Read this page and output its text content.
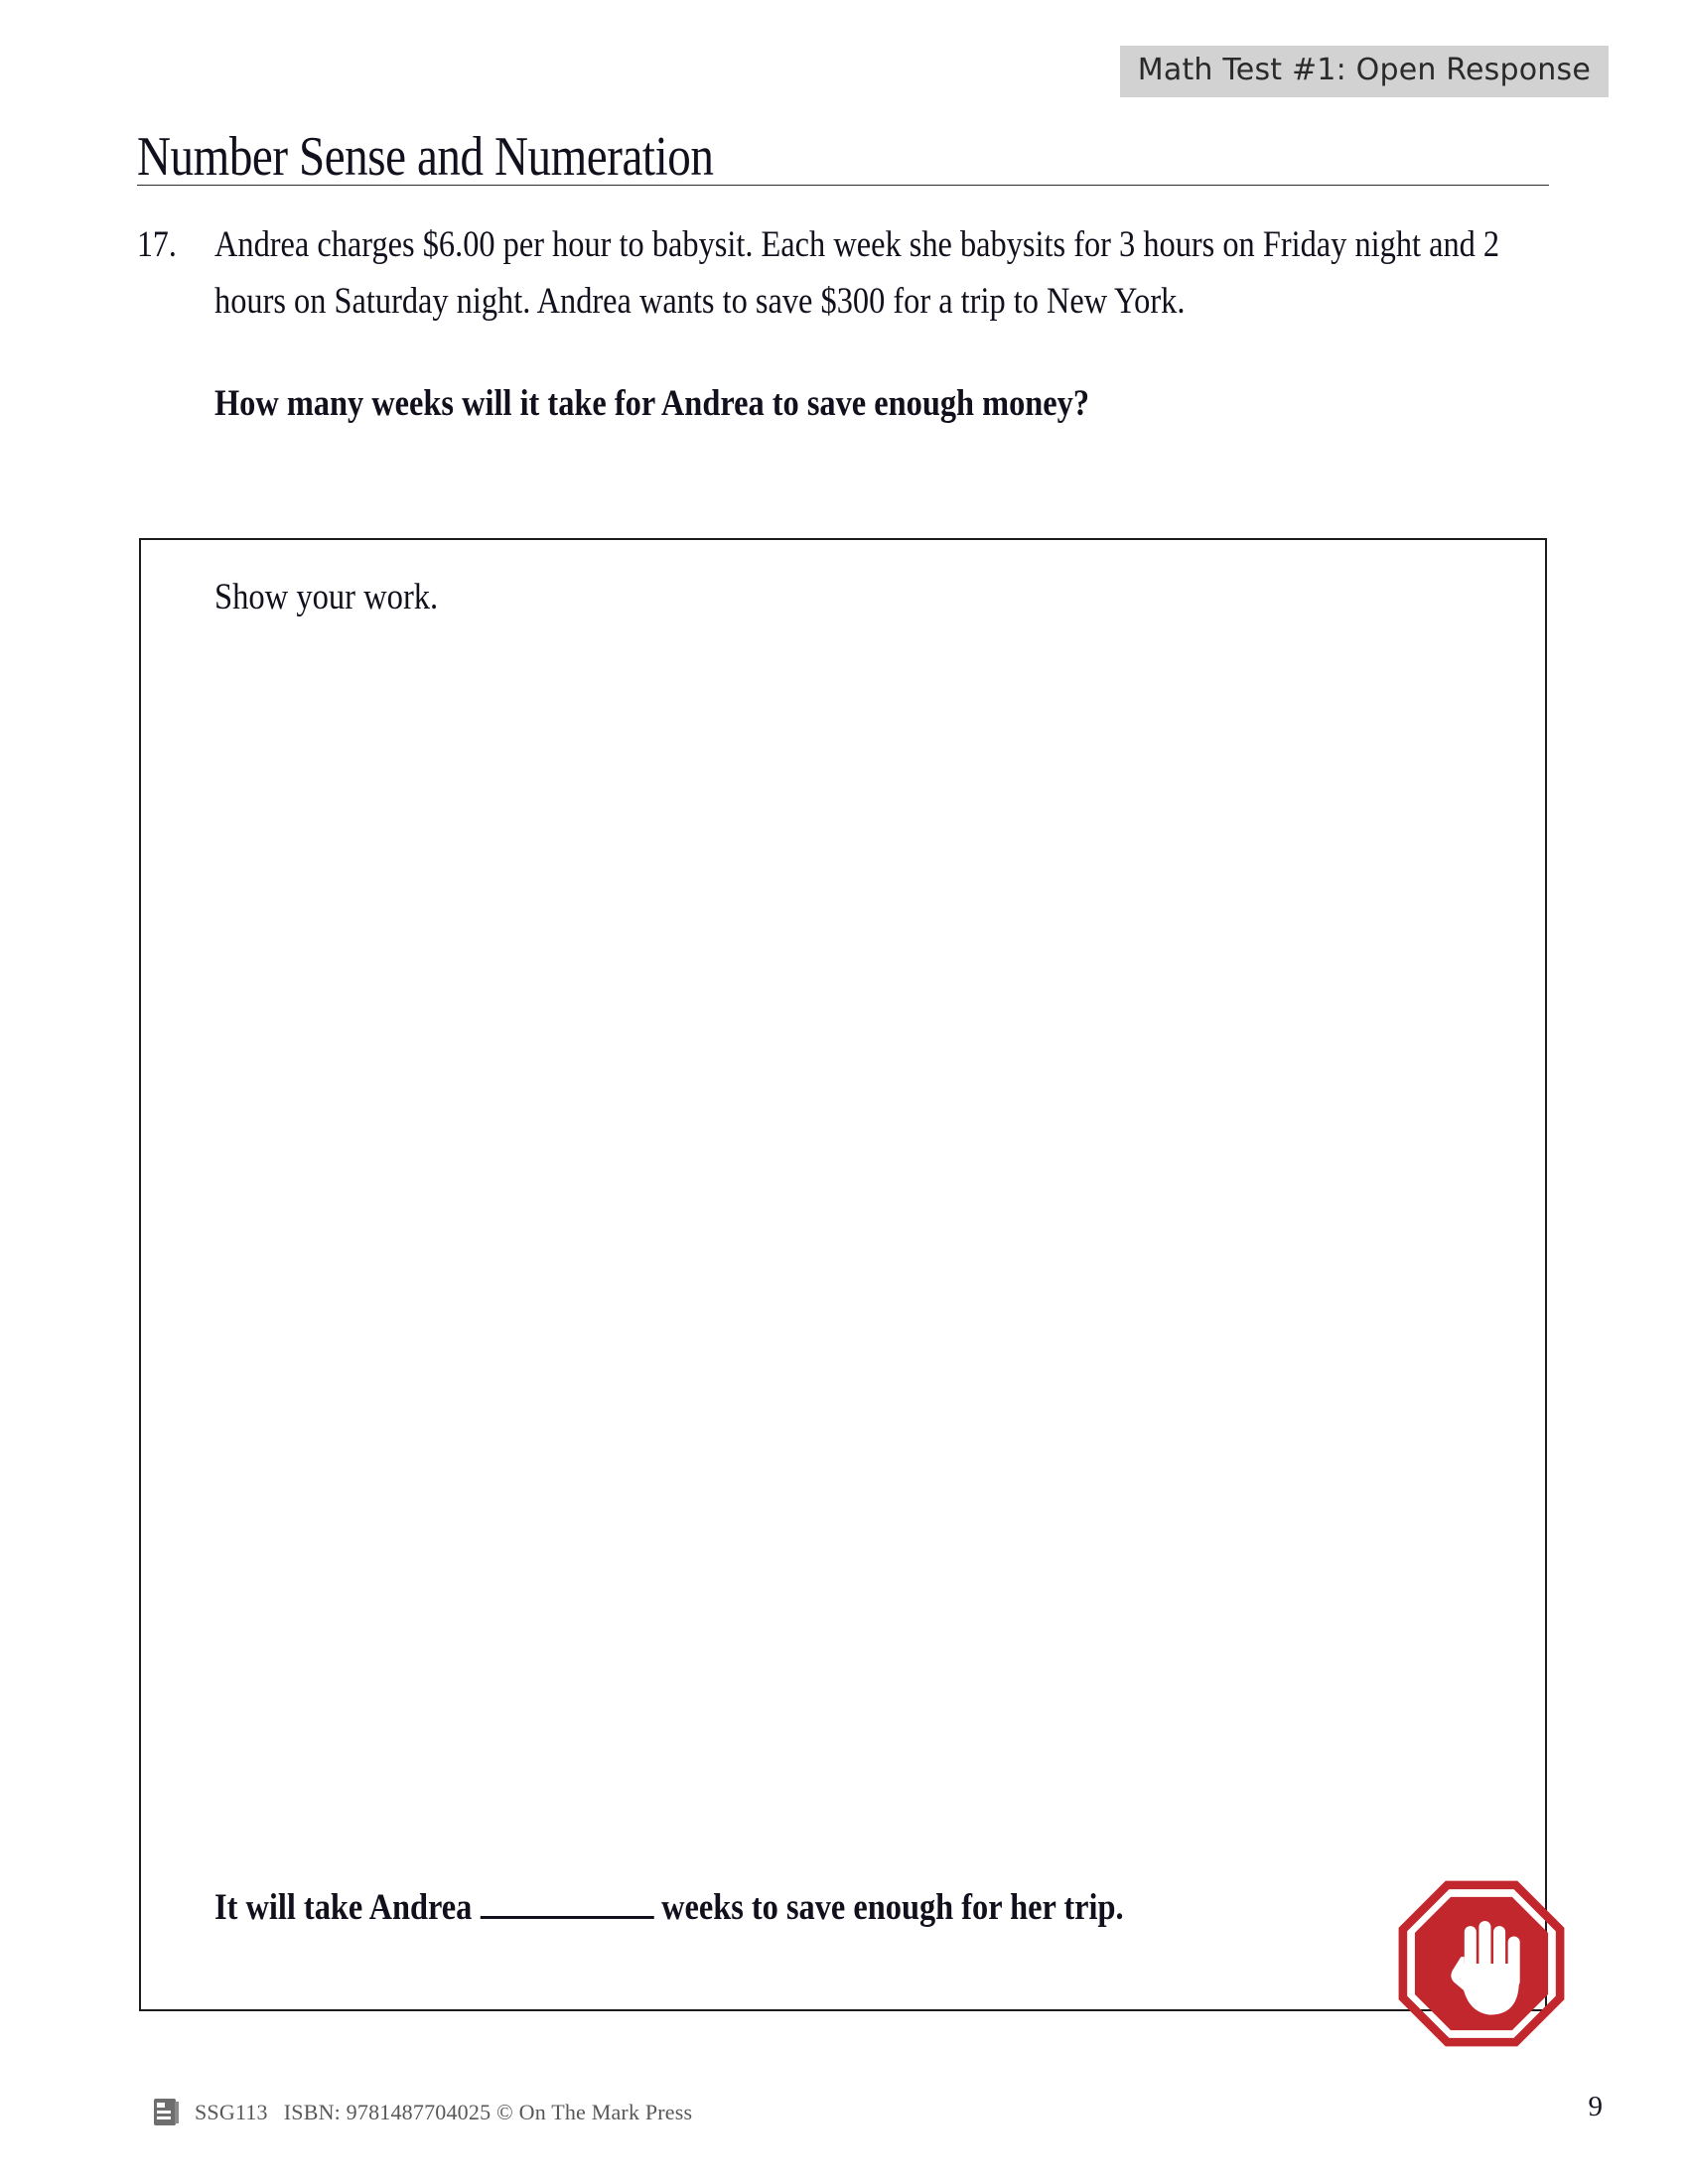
Math Test #1: Open Response
Number Sense and Numeration
17.	Andrea charges $6.00 per hour to babysit. Each week she babysits for 3 hours on Friday night and 2 hours on Saturday night. Andrea wants to save $300 for a trip to New York.
How many weeks will it take for Andrea to save enough money?
Show your work.
It will take Andrea	weeks to save enough for her trip.
SSG113 ISBN: 9781487704025 © On The Mark Press	9
